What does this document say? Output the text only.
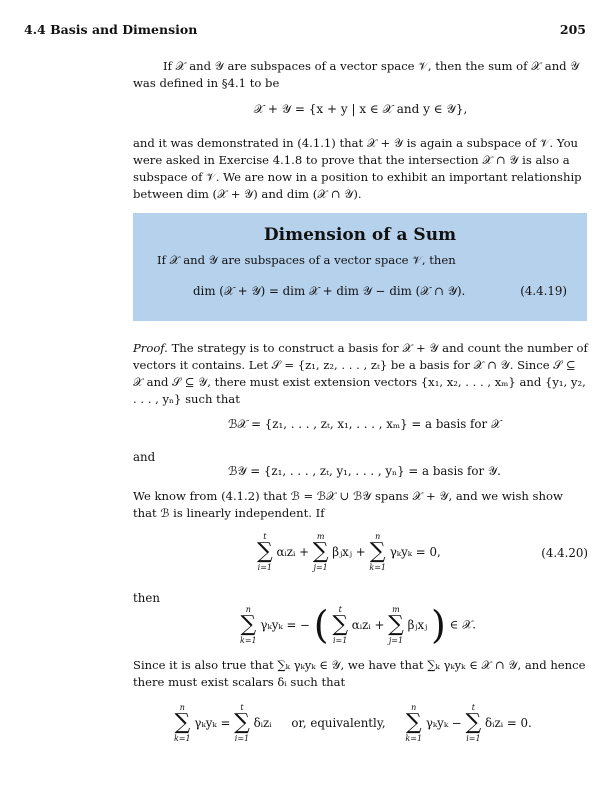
4.4 Basis and Dimension	205
If 𝒳 and 𝒴 are subspaces of a vector space 𝒱, then the sum of 𝒳 and 𝒴 was defined in §4.1 to be
𝒳 + 𝒴 = {x + y | x ∈ 𝒳 and y ∈ 𝒴},
and it was demonstrated in (4.1.1) that 𝒳 + 𝒴 is again a subspace of 𝒱. You were asked in Exercise 4.1.8 to prove that the intersection 𝒳 ∩ 𝒴 is also a subspace of 𝒱. We are now in a position to exhibit an important relationship between dim (𝒳 + 𝒴) and dim (𝒳 ∩ 𝒴).
Dimension of a Sum
If 𝒳 and 𝒴 are subspaces of a vector space 𝒱, then
dim (𝒳 + 𝒴) = dim 𝒳 + dim 𝒴 − dim (𝒳 ∩ 𝒴).	(4.4.19)
Proof. The strategy is to construct a basis for 𝒳 + 𝒴 and count the number of vectors it contains. Let 𝒮 = {z₁, z₂, . . . , zₜ} be a basis for 𝒳 ∩ 𝒴. Since 𝒮 ⊆ 𝒳 and 𝒮 ⊆ 𝒴, there must exist extension vectors {x₁, x₂, . . . , xₘ} and {y₁, y₂, . . . , yₙ} such that
ℬ𝒳 = {z₁, . . . , zₜ, x₁, . . . , xₘ} = a basis for 𝒳
and
ℬ𝒴 = {z₁, . . . , zₜ, y₁, . . . , yₙ} = a basis for 𝒴.
We know from (4.1.2) that ℬ = ℬ𝒳 ∪ ℬ𝒴 spans 𝒳 + 𝒴, and we wish show that ℬ is linearly independent. If
t
∑
i=1
αᵢzᵢ +
m
∑
j=1
βⱼxⱼ +
n
∑
k=1
γₖyₖ = 0,	(4.4.20)
then
n
∑
k=1
γₖyₖ = − (	t
∑
i=1
αᵢzᵢ +
m
∑
j=1
βⱼxⱼ ) ∈ 𝒳.
Since it is also true that ∑ₖ γₖyₖ ∈ 𝒴, we have that ∑ₖ γₖyₖ ∈ 𝒳 ∩ 𝒴, and hence there must exist scalars δᵢ such that
n
∑
k=1
γₖyₖ =
t
∑
i=1
δᵢzᵢ or, equivalently,
n
∑
k=1
γₖyₖ −
t
∑
i=1
δᵢzᵢ = 0.
